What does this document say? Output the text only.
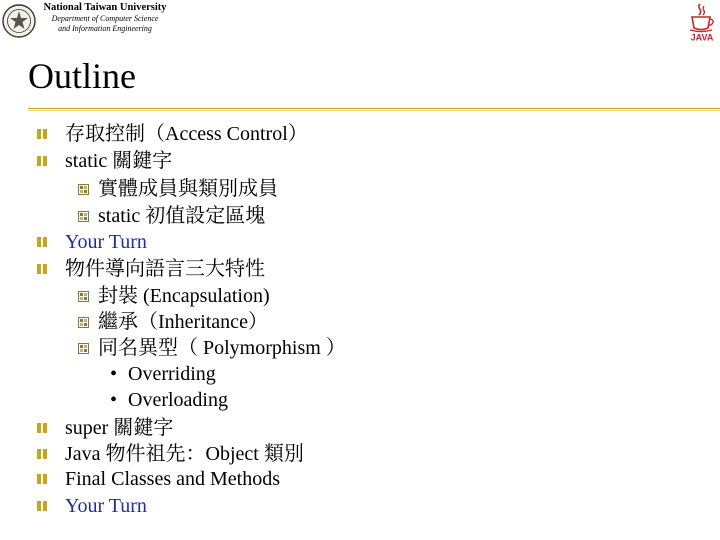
National Taiwan University
Department of Computer Science
and Information Engineering
JAVA
Outline
存取控制（Access Control）
static 關鍵字
實體成員與類別成員
static 初值設定區塊
Your Turn
物件導向語言三大特性
封裝 (Encapsulation)
繼承（Inheritance）
同名異型（ Polymorphism ）
• Overriding
• Overloading
super 關鍵字
Java 物件祖先：Object 類別
Final Classes and Methods
Your Turn
